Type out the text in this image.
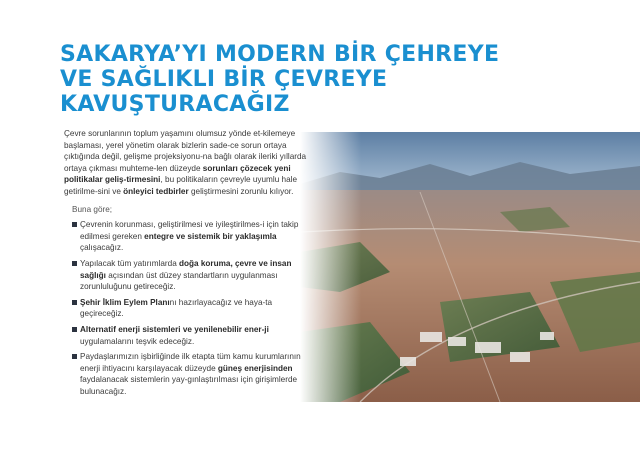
SAKARYA’YI MODERN BİR ÇEHREYE
VE SAĞLIKLI BİR ÇEVREYE
KAVUŞTURACAĞIZ

Çevre sorunlarının toplum yaşamını olumsuz yönde et-kilemeye başlaması, yerel yönetim olarak bizlerin sade-ce sorun ortaya çıktığında değil, gelişme projeksiyonu-na bağlı olarak ileriki yıllarda ortaya çıkması muhteme-len düzeyde sorunları çözecek yeni politikalar geliş-tirmesini, bu politikaların çevreyle uyumlu hale getirilme-sini ve önleyici tedbirler geliştirmesini zorunlu kılıyor.

Buna göre;

Çevrenin korunması, geliştirilmesi ve iyileştirilmes-i için takip edilmesi gereken entegre ve sistemik bir yaklaşımla çalışacağız.
Yapılacak tüm yatırımlarda doğa koruma, çevre ve insan sağlığı açısından üst düzey standartların uygulanması zorunluluğunu getireceğiz.
Şehir İklim Eylem Planını hazırlayacağız ve haya-ta geçireceğiz.
Alternatif enerji sistemleri ve yenilenebilir ener-ji uygulamalarını teşvik edeceğiz.
Paydaşlarımızın işbirliğinde ilk etapta tüm kamu kurumlarının enerji ihtiyacını karşılayacak düzeyde güneş enerjisinden faydalanacak sistemlerin yay-gınlaştırılması için girişimlerde bulunacağız.
